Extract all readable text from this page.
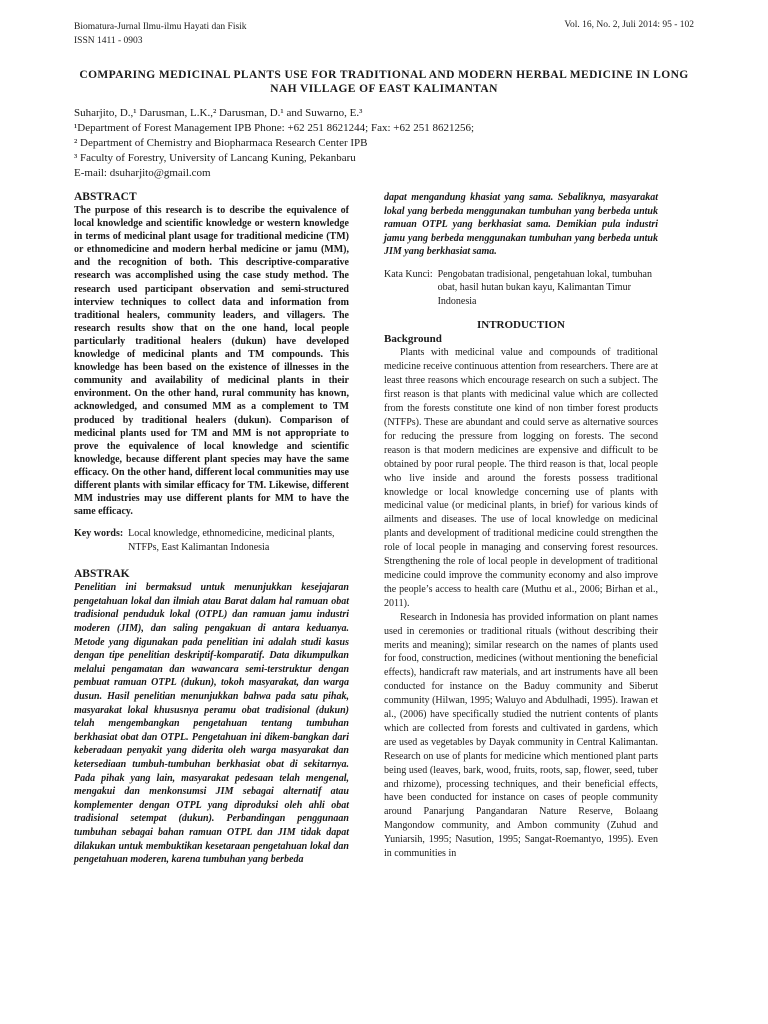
Biomatura-Jurnal Ilmu-ilmu Hayati dan Fisik
ISSN 1411 - 0903
Vol. 16, No. 2, Juli 2014: 95 - 102
COMPARING MEDICINAL PLANTS USE FOR TRADITIONAL AND MODERN HERBAL MEDICINE IN LONG NAH VILLAGE OF EAST KALIMANTAN
Suharjito, D.,¹ Darusman, L.K.,² Darusman, D.¹ and Suwarno, E.³
¹Department of Forest Management IPB Phone: +62 251 8621244; Fax: +62 251 8621256;
² Department of Chemistry and Biopharmaca Research Center IPB
³ Faculty of Forestry, University of Lancang Kuning, Pekanbaru
E-mail: dsuharjito@gmail.com

ABSTRACT

The purpose of this research is to describe the equivalence of local knowledge and scientific knowledge or western knowledge in terms of medicinal plant usage for traditional medicine (TM) or ethnomedicine and modern herbal medicine or jamu (MM), and the recognition of both. This descriptive-comparative research was accomplished using the case study method. The research used participant observation and semi-structured interview techniques to collect data and information from traditional healers, community leaders, and villagers. The research results show that on the one hand, local people particularly traditional healers (dukun) have developed knowledge of medicinal plants and TM compounds. This knowledge has been based on the existence of illnesses in the community and availability of medicinal plants in their environment. On the other hand, rural community has known, acknowledged, and consumed MM as a complement to TM produced by traditional healers (dukun). Comparison of medicinal plants used for TM and MM is not appropriate to prove the equivalence of local knowledge and scientific knowledge, because different plant species may have the same efficacy. On the other hand, different local communities may use different plants with similar efficacy for TM. Likewise, different MM industries may use different plants for MM to have the same efficacy.

Key words: Local knowledge, ethnomedicine, medicinal plants, NTFPs, East Kalimantan Indonesia

ABSTRAK

Penelitian ini bermaksud untuk menunjukkan kesejajaran pengetahuan lokal dan ilmiah atau Barat dalam hal ramuan obat tradisional penduduk lokal (OTPL) dan ramuan jamu industri moderen (JIM), dan saling pengakuan di antara keduanya. Metode yang digunakan pada penelitian ini adalah studi kasus dengan tipe penelitian deskriptif-komparatif. Data dikumpulkan melalui pengamatan dan wawancara semi-terstruktur dengan pembuat ramuan OTPL (dukun), tokoh masyarakat, dan warga dusun. Hasil penelitian menunjukkan bahwa pada satu pihak, masyarakat lokal khususnya peramu obat tradisional (dukun) telah mengembangkan pengetahuan tentang tumbuhan berkhasiat obat dan OTPL. Pengetahuan ini dikem-bangkan dari keberadaan penyakit yang diderita oleh warga masyarakat dan ketersediaan tumbuh-tumbuhan berkhasiat obat di sekitarnya. Pada pihak yang lain, masyarakat pedesaan telah mengenal, mengakui dan menkonsumsi JIM sebagai alternatif atau komplementer dengan OTPL yang diproduksi oleh ahli obat tradisional setempat (dukun). Perbandingan penggunaan tumbuhan sebagai bahan ramuan OTPL dan JIM tidak dapat dilakukan untuk membuktikan kesetaraan pengetahuan lokal dan pengetahuan moderen, karena tumbuhan yang berbeda

dapat mengandung khasiat yang sama. Sebaliknya, masyarakat lokal yang berbeda menggunakan tumbuhan yang berbeda untuk ramuan OTPL yang berkhasiat sama. Demikian pula industri jamu yang berbeda menggunakan tumbuhan yang berbeda untuk JIM yang berkhasiat sama.

Kata Kunci: Pengobatan tradisional, pengetahuan lokal, tumbuhan obat, hasil hutan bukan kayu, Kalimantan Timur Indonesia
INTRODUCTION
Background

Plants with medicinal value and compounds of traditional medicine receive continuous attention from researchers. There are at least three reasons which encourage research on such a subject. The first reason is that plants with medicinal value which are collected from the forests constitute one kind of non timber forest products (NTFPs). These are abundant and could serve as alternative sources for reducing the pressure from logging on forests. The second reason is that modern medicines are expensive and difficult to be obtained by poor rural people. The third reason is that, local people who live inside and around the forests possess traditional knowledge or local knowledge concerning use of plants with medicinal value (or medicinal plants, in brief) for various kinds of ailments and diseases. The use of local knowledge on medicinal plants and development of traditional medicine could strengthen the role of local people in managing and conserving forest resources. Strengthening the role of local people in development of traditional medicine could improve the community economy and also improve the people’s access to health care (Muthu et al., 2006; Birhan et al., 2011).

Research in Indonesia has provided information on plant names used in ceremonies or traditional rituals (without describing their merits and meaning); similar research on the names of plants used for food, construction, medicines (without mentioning the beneficial effects), handicraft raw materials, and art instruments have all been conducted for instance on the Baduy community and Siberut community (Hilwan, 1995; Waluyo and Abdulhadi, 1995). Irawan et al., (2006) have specifically studied the nutrient contents of plants which are collected from forests and cultivated in gardens, which are used as vegetables by Dayak community in Central Kalimantan. Research on use of plants for medicine which mentioned plant parts being used (leaves, bark, wood, fruits, roots, sap, flower, seed, tuber and rhizome), processing techniques, and their beneficial effects, have been conducted for instance on cases of people community around Panarjung Pangandaran Nature Reserve, Bolaang Mangondow community, and Ambon community (Zuhud and Yuniarsih, 1995; Nasution, 1995; Sangat-Roemantyo, 1995). Even in communities in
